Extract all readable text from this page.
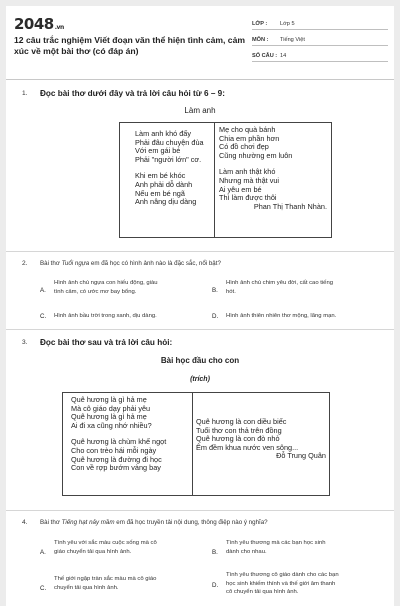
2048.vn
12 câu trắc nghiệm Viết đoạn văn thể hiện tình cảm, cảm xúc về một bài thơ (có đáp án)
LỚP :	Lớp 5
MÔN :	Tiếng Việt
SỐ CÂU : 14
1. Đọc bài thơ dưới đây và trả lời câu hỏi từ 6 – 9:
Làm anh
Làm anh khó đấy
Phải đâu chuyện đùa
Với em gái bé
Phải "người lớn" cơ.
Khi em bé khóc
Anh phải dỗ dành
Nếu em bé ngã
Anh nâng dịu dàng
Mẹ cho quà bánh
Chia em phần hơn
Có đồ chơi đẹp
Cũng nhường em luôn
Làm anh thật khó
Nhưng mà thật vui
Ai yêu em bé
Thì làm được thôi
Phan Thị Thanh Nhàn.
2. Bài thơ Tuổi ngựa em đã học có hình ảnh nào là đặc sắc, nổi bật?
A.
Hình ảnh chú ngựa con hiếu động, giàu
tình cảm, có ước mơ bay bổng.	B.
Hình ảnh chú chim yêu đời, cất cao tiếng
hót.
C. Hình ảnh bầu trời trong xanh, dịu dàng.	D. Hình ảnh thiên nhiên thơ mộng, lãng mạn.
3. Đọc bài thơ sau và trả lời câu hỏi:
Bài học đầu cho con
(trích)
Quê hương là gì hả mẹ
Mà cô giáo dạy phải yêu
Quê hương là gì hả mẹ
Ai đi xa cũng nhớ nhiều?
Quê hương là chùm khế ngọt
Cho con trèo hái mỗi ngày
Quê hương là đường đi học
Con về rợp bướm vàng bay
Quê hương là con diều biếc
Tuổi thơ con thả trên đồng
Quê hương là con đò nhỏ
Êm đềm khua nước ven sông...
Đỗ Trung Quân
4. Bài thơ Tiếng hạt nảy mầm em đã học truyền tải nội dung, thông điệp nào ý nghĩa?
A.
Tình yêu với sắc màu cuộc sống mà cô
giáo chuyển tải qua hình ảnh.	B.
Tình yêu thương mà các bạn học sinh
dành cho nhau.
C.
Thế giới ngập tràn sắc màu mà cô giáo
chuyển tải qua hình ảnh.	D.
Tình yêu thương cô giáo dành cho các bạn
học sinh khiếm thính và thế giới âm thanh
cô chuyển tải qua hình ảnh.
